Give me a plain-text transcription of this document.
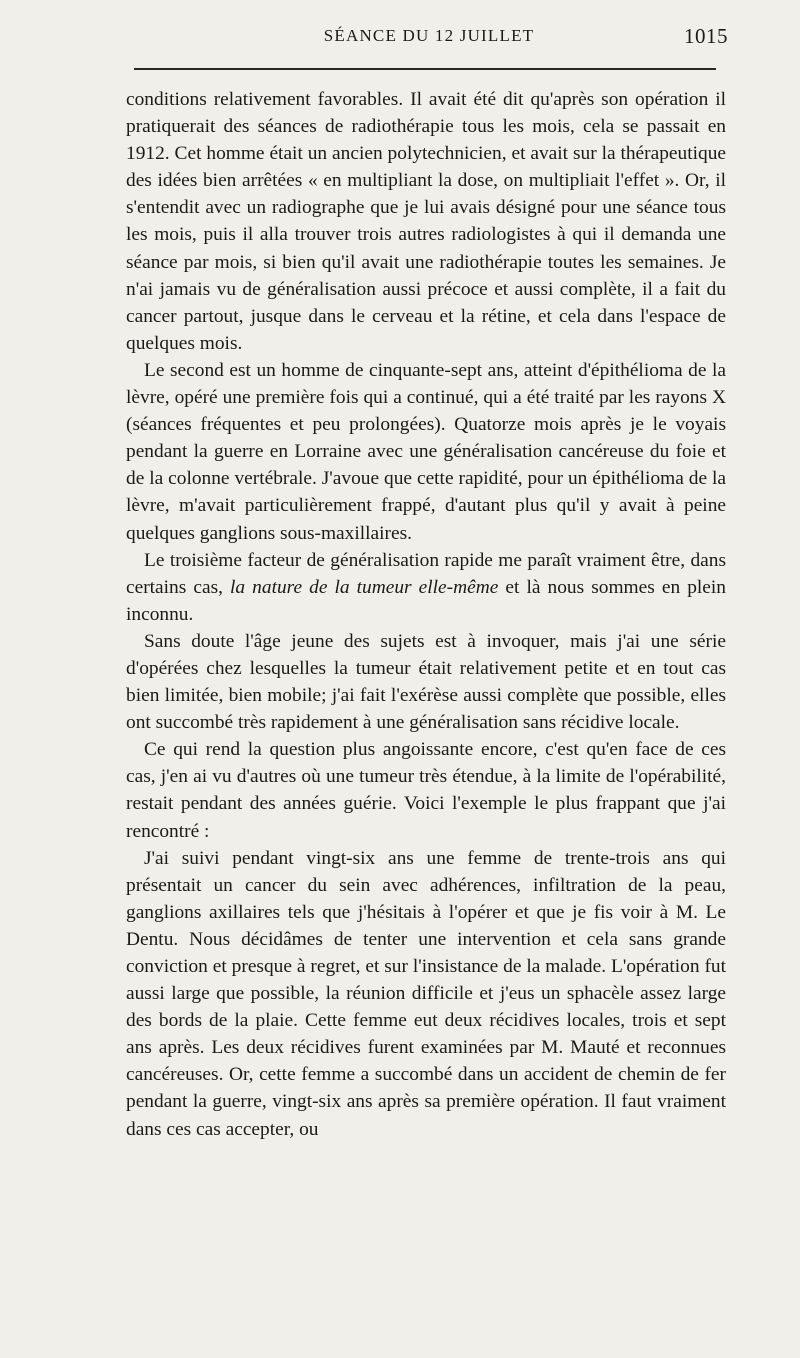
SÉANCE DU 12 JUILLET	1015

conditions relativement favorables. Il avait été dit qu'après son opération il pratiquerait des séances de radiothérapie tous les mois, cela se passait en 1912. Cet homme était un ancien polytechnicien, et avait sur la thérapeutique des idées bien arrêtées « en multipliant la dose, on multipliait l'effet ». Or, il s'entendit avec un radiographe que je lui avais désigné pour une séance tous les mois, puis il alla trouver trois autres radiologistes à qui il demanda une séance par mois, si bien qu'il avait une radiothérapie toutes les semaines. Je n'ai jamais vu de généralisation aussi précoce et aussi complète, il a fait du cancer partout, jusque dans le cerveau et la rétine, et cela dans l'espace de quelques mois.

Le second est un homme de cinquante-sept ans, atteint d'épithélioma de la lèvre, opéré une première fois qui a continué, qui a été traité par les rayons X (séances fréquentes et peu prolongées). Quatorze mois après je le voyais pendant la guerre en Lorraine avec une généralisation cancéreuse du foie et de la colonne vertébrale. J'avoue que cette rapidité, pour un épithélioma de la lèvre, m'avait particulièrement frappé, d'autant plus qu'il y avait à peine quelques ganglions sous-maxillaires.

Le troisième facteur de généralisation rapide me paraît vraiment être, dans certains cas, la nature de la tumeur elle-même et là nous sommes en plein inconnu.

Sans doute l'âge jeune des sujets est à invoquer, mais j'ai une série d'opérées chez lesquelles la tumeur était relativement petite et en tout cas bien limitée, bien mobile; j'ai fait l'exérèse aussi complète que possible, elles ont succombé très rapidement à une généralisation sans récidive locale.

Ce qui rend la question plus angoissante encore, c'est qu'en face de ces cas, j'en ai vu d'autres où une tumeur très étendue, à la limite de l'opérabilité, restait pendant des années guérie. Voici l'exemple le plus frappant que j'ai rencontré :

J'ai suivi pendant vingt-six ans une femme de trente-trois ans qui présentait un cancer du sein avec adhérences, infiltration de la peau, ganglions axillaires tels que j'hésitais à l'opérer et que je fis voir à M. Le Dentu. Nous décidâmes de tenter une intervention et cela sans grande conviction et presque à regret, et sur l'insistance de la malade. L'opération fut aussi large que possible, la réunion difficile et j'eus un sphacèle assez large des bords de la plaie. Cette femme eut deux récidives locales, trois et sept ans après. Les deux récidives furent examinées par M. Mauté et reconnues cancéreuses. Or, cette femme a succombé dans un accident de chemin de fer pendant la guerre, vingt-six ans après sa première opération. Il faut vraiment dans ces cas accepter, ou
